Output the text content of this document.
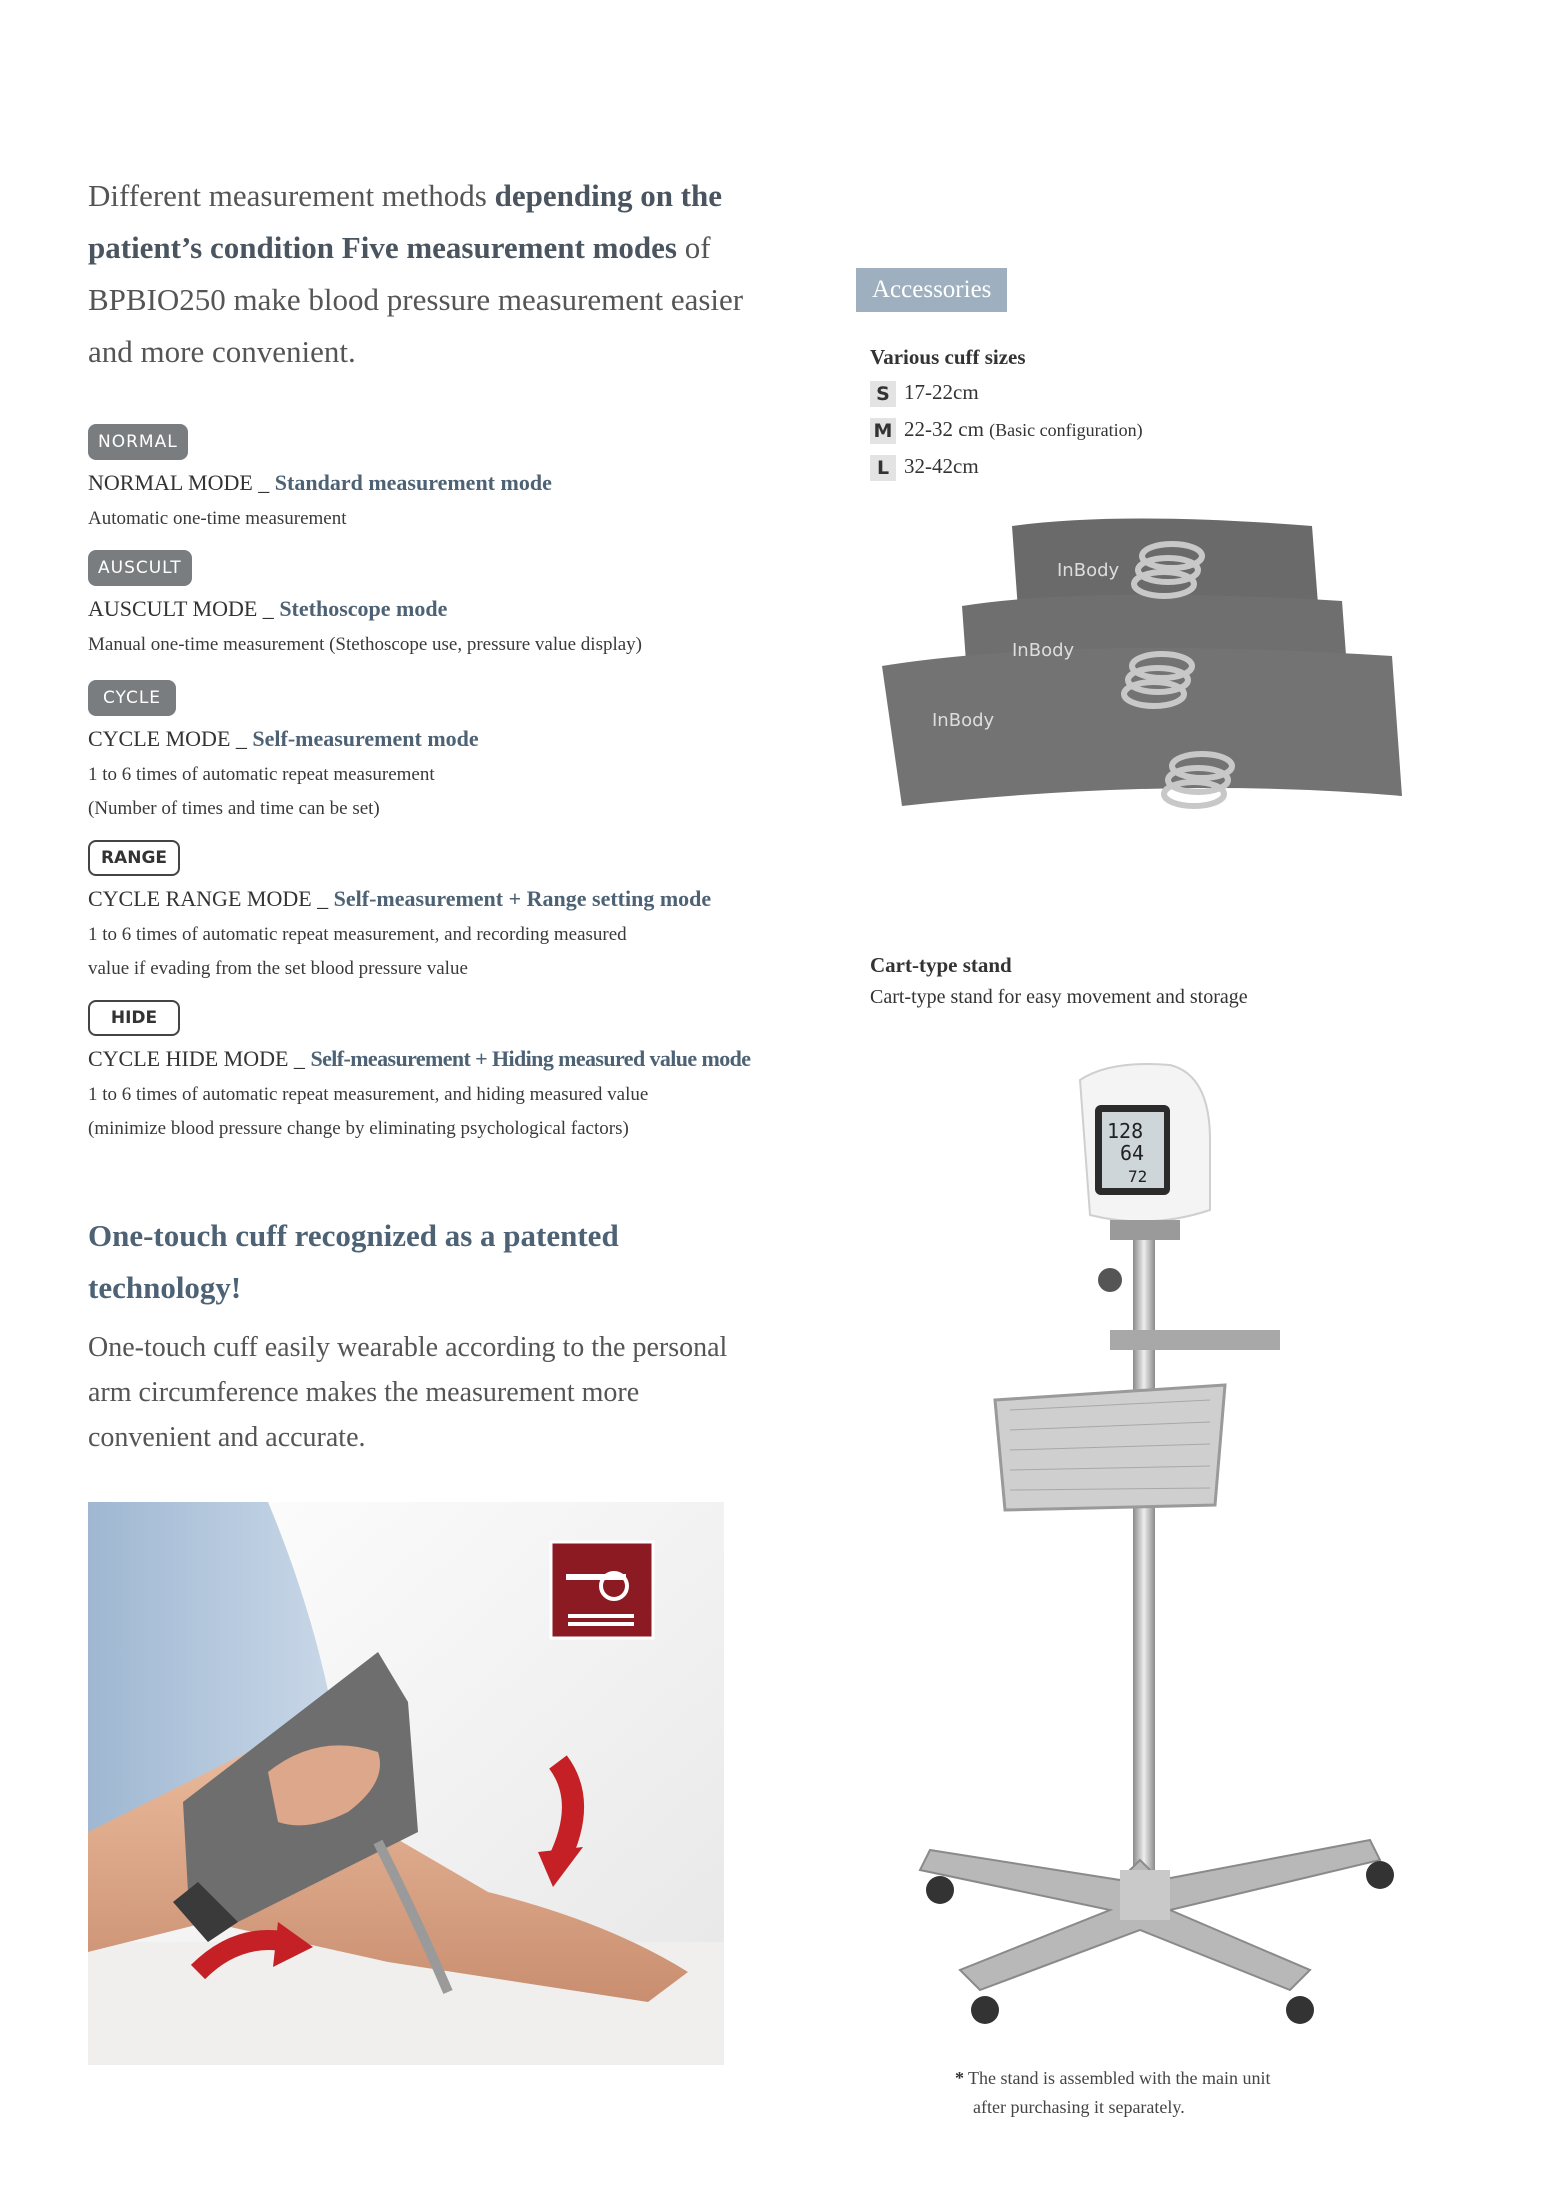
Different measurement methods depending on the patient’s condition Five measurement modes of BPBIO250 make blood pressure measurement easier and more convenient.
NORMAL
NORMAL MODE _ Standard measurement mode
Automatic one-time measurement
AUSCULT
AUSCULT MODE _ Stethoscope mode
Manual one-time measurement (Stethoscope use, pressure value display)
CYCLE
CYCLE MODE _ Self-measurement mode
1 to 6 times of automatic repeat measurement
(Number of times and time can be set)
RANGE
CYCLE RANGE MODE _ Self-measurement + Range setting mode
1 to 6 times of automatic repeat measurement, and recording measured
value if evading from the set blood pressure value
HIDE
CYCLE HIDE MODE _ Self-measurement + Hiding measured value mode
1 to 6 times of automatic repeat measurement, and hiding measured value
(minimize blood pressure change by eliminating psychological factors)
One-touch cuff recognized as a patented technology!
One-touch cuff easily wearable according to the personal arm circumference makes the measurement more convenient and accurate.
Accessories
Various cuff sizes
S 17-22cm
M 22-32 cm (Basic configuration)
L 32-42cm
InBody
InBody
InBody
Cart-type stand
Cart-type stand for easy movement and storage
128
64
72
* The stand is assembled with the main unit
after purchasing it separately.
